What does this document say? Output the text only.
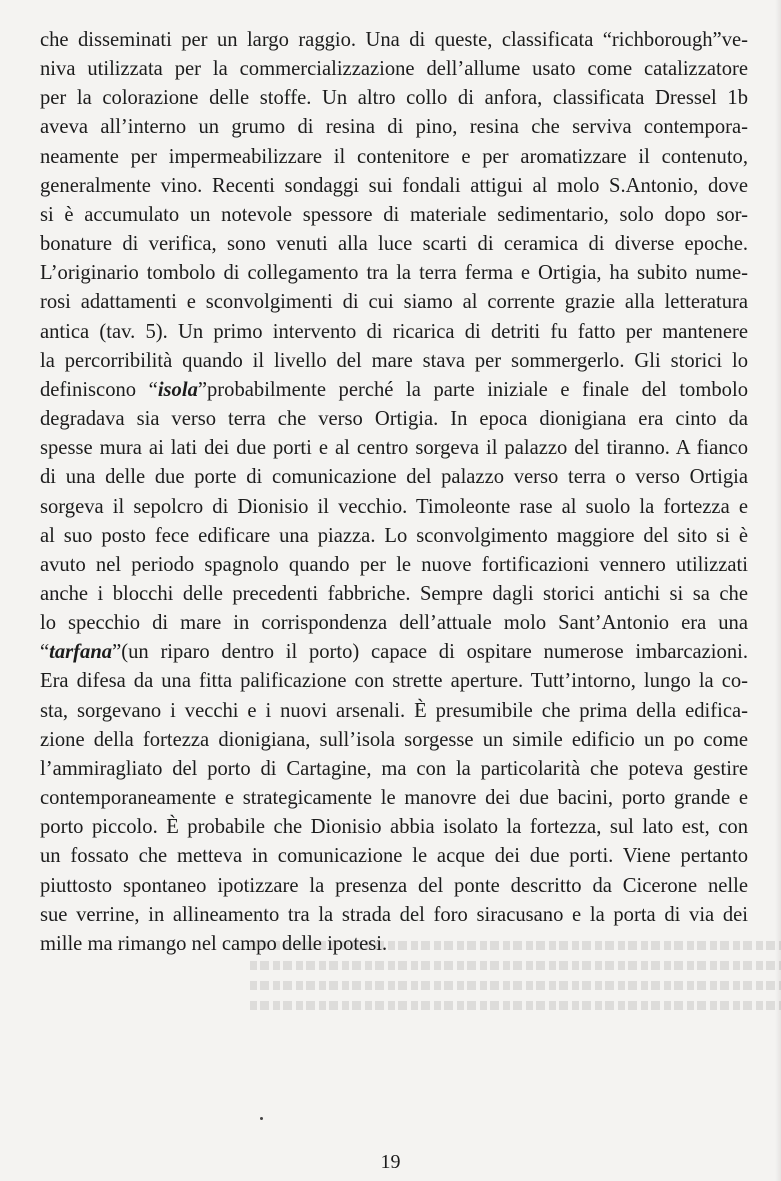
che disseminati per un largo raggio. Una di queste, classificata “richborough”ve-
niva utilizzata per la commercializzazione dell’allume usato come catalizzatore
per la colorazione delle stoffe. Un altro collo di anfora, classificata Dressel 1b
aveva all’interno un grumo di resina di pino, resina che serviva contempora-
neamente per impermeabilizzare il contenitore e per aromatizzare il contenuto,
generalmente vino. Recenti sondaggi sui fondali attigui al molo S.Antonio, dove
si è accumulato un notevole spessore di materiale sedimentario, solo dopo sor-
bonature di verifica, sono venuti alla luce scarti di ceramica di diverse epoche.
L’originario tombolo di collegamento tra la terra ferma e Ortigia, ha subito nume-
rosi adattamenti e sconvolgimenti di cui siamo al corrente grazie alla letteratura
antica (tav. 5). Un primo intervento di ricarica di detriti fu fatto per mantenere
la percorribilità quando il livello del mare stava per sommergerlo. Gli storici lo
definiscono “isola”probabilmente perché la parte iniziale e finale del tombolo
degradava sia verso terra che verso Ortigia. In epoca dionigiana era cinto da
spesse mura ai lati dei due porti e al centro sorgeva il palazzo del tiranno. A fianco
di una delle due porte di comunicazione del palazzo verso terra o verso Ortigia
sorgeva il sepolcro di Dionisio il vecchio. Timoleonte rase al suolo la fortezza e
al suo posto fece edificare una piazza. Lo sconvolgimento maggiore del sito si è
avuto nel periodo spagnolo quando per le nuove fortificazioni vennero utilizzati
anche i blocchi delle precedenti fabbriche. Sempre dagli storici antichi si sa che
lo specchio di mare in corrispondenza dell’attuale molo Sant’Antonio era una
“tarfana”(un riparo dentro il porto) capace di ospitare numerose imbarcazioni.
Era difesa da una fitta palificazione con strette aperture. Tutt’intorno, lungo la co-
sta, sorgevano i vecchi e i nuovi arsenali. È presumibile che prima della edifica-
zione della fortezza dionigiana, sull’isola sorgesse un simile edificio un po come
l’ammiragliato del porto di Cartagine, ma con la particolarità che poteva gestire
contemporaneamente e strategicamente le manovre dei due bacini, porto grande e
porto piccolo. È probabile che Dionisio abbia isolato la fortezza, sul lato est, con
un fossato che metteva in comunicazione le acque dei due porti. Viene pertanto
piuttosto spontaneo ipotizzare la presenza del ponte descritto da Cicerone nelle
sue verrine, in allineamento tra la strada del foro siracusano e la porta di via dei
mille ma rimango nel campo delle ipotesi.
19
